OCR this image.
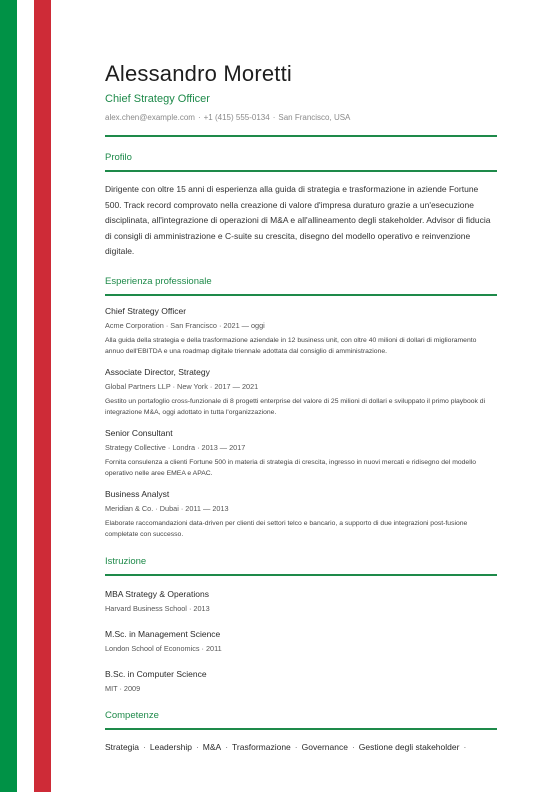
Alessandro Moretti
Chief Strategy Officer
alex.chen@example.com · +1 (415) 555-0134 · San Francisco, USA
Profilo

Dirigente con oltre 15 anni di esperienza alla guida di strategia e trasformazione in aziende Fortune 500. Track record comprovato nella creazione di valore d'impresa duraturo grazie a un'esecuzione disciplinata, all'integrazione di operazioni di M&A e all'allineamento degli stakeholder. Advisor di fiducia di consigli di amministrazione e C-suite su crescita, disegno del modello operativo e reinvenzione digitale.

Esperienza professionale
Chief Strategy Officer
Acme Corporation · San Francisco · 2021 — oggi
Alla guida della strategia e della trasformazione aziendale in 12 business unit, con oltre 40 milioni di dollari di miglioramento annuo dell'EBITDA e una roadmap digitale triennale adottata dal consiglio di amministrazione.
Associate Director, Strategy
Global Partners LLP · New York · 2017 — 2021
Gestito un portafoglio cross-funzionale di 8 progetti enterprise del valore di 25 milioni di dollari e sviluppato il primo playbook di integrazione M&A, oggi adottato in tutta l'organizzazione.
Senior Consultant
Strategy Collective · Londra · 2013 — 2017
Fornita consulenza a clienti Fortune 500 in materia di strategia di crescita, ingresso in nuovi mercati e ridisegno del modello operativo nelle aree EMEA e APAC.
Business Analyst
Meridian & Co. · Dubai · 2011 — 2013
Elaborate raccomandazioni data-driven per clienti dei settori telco e bancario, a supporto di due integrazioni post-fusione completate con successo.
Istruzione
MBA Strategy & Operations
Harvard Business School · 2013
M.Sc. in Management Science
London School of Economics · 2011
B.Sc. in Computer Science
MIT · 2009
Competenze
Strategia · Leadership · M&A · Trasformazione · Governance · Gestione degli stakeholder ·
